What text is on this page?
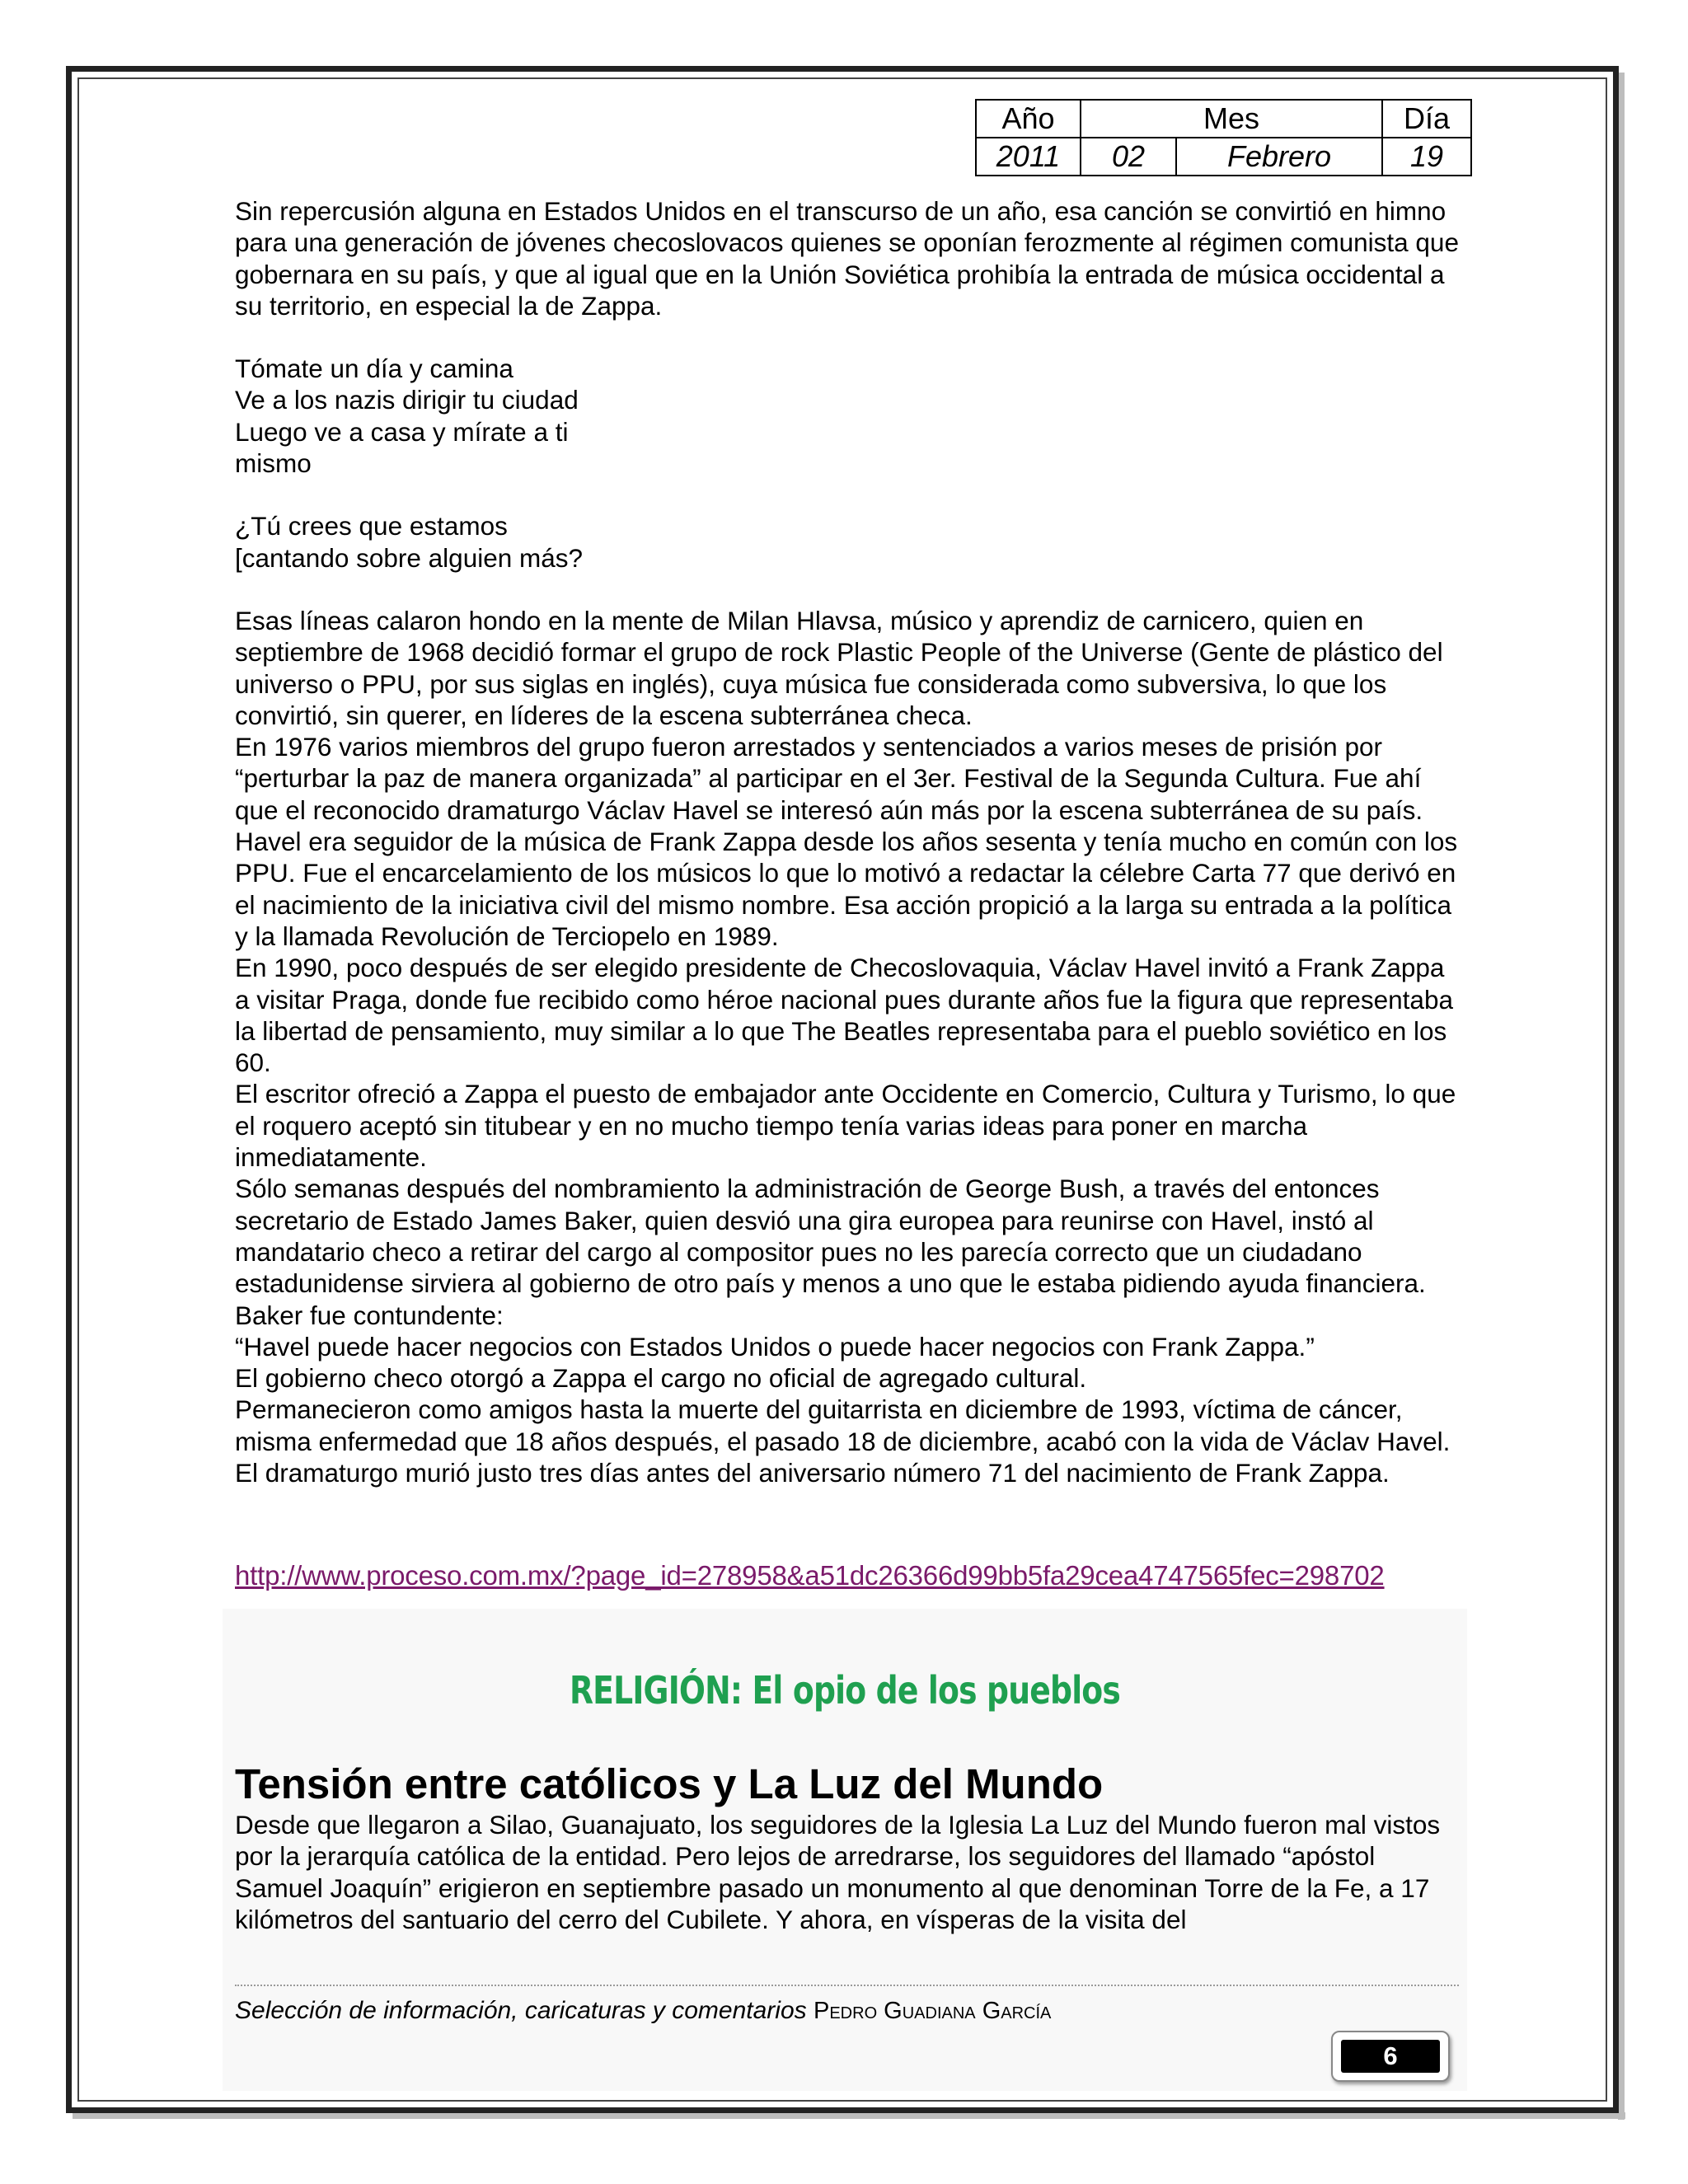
Año	Mes		Día
2011	02	Febrero	19

Sin repercusión alguna en Estados Unidos en el transcurso de un año, esa canción se convirtió en himno para una generación de jóvenes checoslovacos quienes se oponían ferozmente al régimen comunista que gobernara en su país, y que al igual que en la Unión Soviética prohibía la entrada de música occidental a su territorio, en especial la de Zappa.

Tómate un día y camina

Ve a los nazis dirigir tu ciudad

Luego ve a casa y mírate a ti

mismo

¿Tú crees que estamos

[cantando sobre alguien más?

Esas líneas calaron hondo en la mente de Milan Hlavsa, músico y aprendiz de carnicero, quien en septiembre de 1968 decidió formar el grupo de rock Plastic People of the Universe (Gente de plástico del universo o PPU, por sus siglas en inglés), cuya música fue considerada como subversiva, lo que los convirtió, sin querer, en líderes de la escena subterránea checa.

En 1976 varios miembros del grupo fueron arrestados y sentenciados a varios meses de prisión por “perturbar la paz de manera organizada” al participar en el 3er. Festival de la Segunda Cultura. Fue ahí que el reconocido dramaturgo Václav Havel se interesó aún más por la escena subterránea de su país.

Havel era seguidor de la música de Frank Zappa desde los años sesenta y tenía mucho en común con los PPU. Fue el encarcelamiento de los músicos lo que lo motivó a redactar la célebre Carta 77 que derivó en el nacimiento de la iniciativa civil del mismo nombre. Esa acción propició a la larga su entrada a la política y la llamada Revolución de Terciopelo en 1989.

En 1990, poco después de ser elegido presidente de Checoslovaquia, Václav Havel invitó a Frank Zappa a visitar Praga, donde fue recibido como héroe nacional pues durante años fue la figura que representaba la libertad de pensamiento, muy similar a lo que The Beatles representaba para el pueblo soviético en los 60.

El escritor ofreció a Zappa el puesto de embajador ante Occidente en Comercio, Cultura y Turismo, lo que el roquero aceptó sin titubear y en no mucho tiempo tenía varias ideas para poner en marcha inmediatamente.

Sólo semanas después del nombramiento la administración de George Bush, a través del entonces secretario de Estado James Baker, quien desvió una gira europea para reunirse con Havel, instó al mandatario checo a retirar del cargo al compositor pues no les parecía correcto que un ciudadano estadunidense sirviera al gobierno de otro país y menos a uno que le estaba pidiendo ayuda financiera. Baker fue contundente:

“Havel puede hacer negocios con Estados Unidos o puede hacer negocios con Frank Zappa.”

El gobierno checo otorgó a Zappa el cargo no oficial de agregado cultural.

Permanecieron como amigos hasta la muerte del guitarrista en diciembre de 1993, víctima de cáncer, misma enfermedad que 18 años después, el pasado 18 de diciembre, acabó con la vida de Václav Havel. El dramaturgo murió justo tres días antes del aniversario número 71 del nacimiento de Frank Zappa.

http://www.proceso.com.mx/?page_id=278958&a51dc26366d99bb5fa29cea4747565fec=298702
RELIGIÓN: El opio de los pueblos
Tensión entre católicos y La Luz del Mundo

Desde que llegaron a Silao, Guanajuato, los seguidores de la Iglesia La Luz del Mundo fueron mal vistos por la jerarquía católica de la entidad. Pero lejos de arredrarse, los seguidores del llamado “apóstol Samuel Joaquín” erigieron en septiembre pasado un monumento al que denominan Torre de la Fe, a 17 kilómetros del santuario del cerro del Cubilete. Y ahora, en vísperas de la visita del

Selección de información, caricaturas y comentarios Pedro Guadiana García
6
